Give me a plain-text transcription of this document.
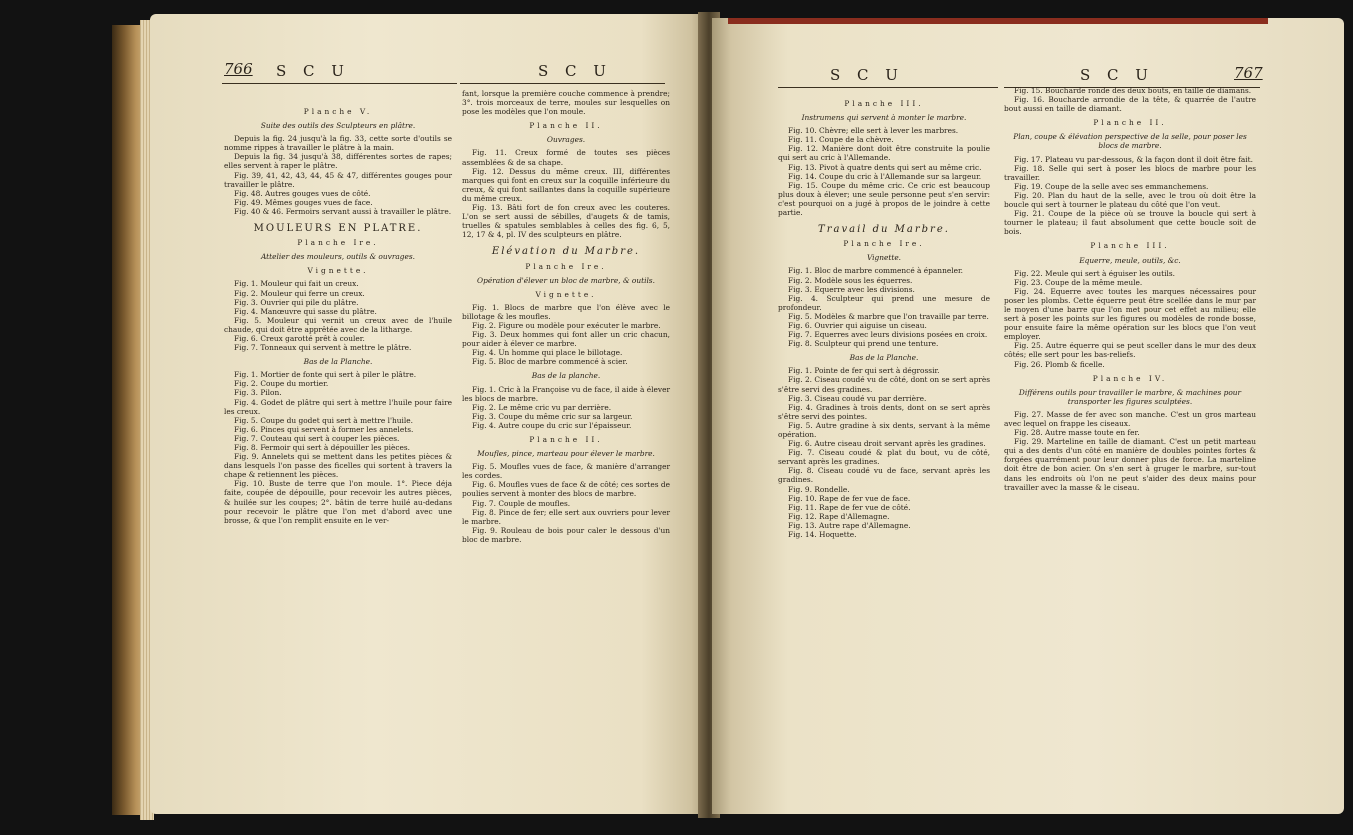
766 S C U	S C U

Planche V.

Suite des outils des Sculpteurs en plâtre.

Depuis la fig. 24 jusqu'à la fig. 33, cette sorte d'outils se nomme rippes à travailler le plâtre à la main.

Depuis la fig. 34 jusqu'à 38, différentes sortes de rapes; elles servent à raper le plâtre.

Fig. 39, 41, 42, 43, 44, 45 & 47, différentes gouges pour travailler le plâtre.

Fig. 48. Autres gouges vues de côté.

Fig. 49. Mêmes gouges vues de face.

Fig. 40 & 46. Fermoirs servant aussi à travailler le plâtre.

MOULEURS EN PLATRE.

Planche Ire.

Attelier des mouleurs, outils & ouvrages.

Vignette.

Fig. 1. Mouleur qui fait un creux.

Fig. 2. Mouleur qui ferre un creux.

Fig. 3. Ouvrier qui pile du plâtre.

Fig. 4. Manœuvre qui sasse du plâtre.

Fig. 5. Mouleur qui vernit un creux avec de l'huile chaude, qui doit être apprêtée avec de la litharge.

Fig. 6. Creux garotté prêt à couler.

Fig. 7. Tonneaux qui servent à mettre le plâtre.

Bas de la Planche.

Fig. 1. Mortier de fonte qui sert à piler le plâtre.

Fig. 2. Coupe du mortier.

Fig. 3. Pilon.

Fig. 4. Godet de plâtre qui sert à mettre l'huile pour faire les creux.

Fig. 5. Coupe du godet qui sert à mettre l'huile.

Fig. 6. Pinces qui servent à former les annelets.

Fig. 7. Couteau qui sert à couper les pièces.

Fig. 8. Fermoir qui sert à dépouiller les pièces.

Fig. 9. Annelets qui se mettent dans les petites pièces & dans lesquels l'on passe des ficelles qui sortent à travers la chape & retiennent les pièces.

Fig. 10. Buste de terre que l'on moule. 1°. Piece déja faite, coupée de dépouille, pour recevoir les autres pièces, & huilée sur les coupes; 2°. bâtin de terre huilé au-dedans pour recevoir le plâtre que l'on met d'abord avec une brosse, & que l'on remplit ensuite en le ver-

fant, lorsque la première couche commence à prendre; 3°. trois morceaux de terre, moules sur lesquelles on pose les modèles que l'on moule.

Planche II.

Ouvrages.

Fig. 11. Creux formé de toutes ses pièces assemblées & de sa chape.

Fig. 12. Dessus du même creux. III, différentes marques qui font en creux sur la coquille inférieure du creux, & qui font saillantes dans la coquille supérieure du même creux.

Fig. 13. Bâti fort de fon creux avec les couteres. L'on se sert aussi de sébilles, d'augets & de tamis, truelles & spatules semblables à celles des fig. 6, 5, 12, 17 & 4, pl. IV des sculpteurs en plâtre.

Elévation du Marbre.

Planche Ire.

Opération d'élever un bloc de marbre, & outils.

Vignette.

Fig. 1. Blocs de marbre que l'on élève avec le billotage & les moufles.

Fig. 2. Figure ou modèle pour exécuter le marbre.

Fig. 3. Deux hommes qui font aller un cric chacun, pour aider à élever ce marbre.

Fig. 4. Un homme qui place le billotage.

Fig. 5. Bloc de marbre commencé à scier.

Bas de la planche.

Fig. 1. Cric à la Françoise vu de face, il aide à élever les blocs de marbre.

Fig. 2. Le même cric vu par derrière.

Fig. 3. Coupe du même cric sur sa largeur.

Fig. 4. Autre coupe du cric sur l'épaisseur.

Planche II.

Moufles, pince, marteau pour élever le marbre.

Fig. 5. Moufles vues de face, & manière d'arranger les cordes.

Fig. 6. Moufles vues de face & de côté; ces sortes de poulies servent à monter des blocs de marbre.

Fig. 7. Couple de moufles.

Fig. 8. Pince de fer; elle sert aux ouvriers pour lever le marbre.

Fig. 9. Rouleau de bois pour caler le dessous d'un bloc de marbre.

S C U	S C U	767

Planche III.

Instrumens qui servent à monter le marbre.

Fig. 10. Chèvre; elle sert à lever les marbres.

Fig. 11. Coupe de la chèvre.

Fig. 12. Manière dont doit être construite la poulie qui sert au cric à l'Allemande.

Fig. 13. Pivot à quatre dents qui sert au même cric.

Fig. 14. Coupe du cric à l'Allemande sur sa largeur.

Fig. 15. Coupe du même cric. Ce cric est beaucoup plus doux à élever; une seule personne peut s'en servir: c'est pourquoi on a jugé à propos de le joindre à cette partie.

Travail du Marbre.

Planche Ire.

Vignette.

Fig. 1. Bloc de marbre commencé à épanneler.

Fig. 2. Modèle sous les équerres.

Fig. 3. Equerre avec les divisions.

Fig. 4. Sculpteur qui prend une mesure de profondeur.

Fig. 5. Modèles & marbre que l'on travaille par terre.

Fig. 6. Ouvrier qui aiguise un ciseau.

Fig. 7. Equerres avec leurs divisions posées en croix.

Fig. 8. Sculpteur qui prend une tenture.

Bas de la Planche.

Fig. 1. Pointe de fer qui sert à dégrossir.

Fig. 2. Ciseau coudé vu de côté, dont on se sert après s'être servi des gradines.

Fig. 3. Ciseau coudé vu par derrière.

Fig. 4. Gradines à trois dents, dont on se sert après s'être servi des pointes.

Fig. 5. Autre gradine à six dents, servant à la même opération.

Fig. 6. Autre ciseau droit servant après les gradines.

Fig. 7. Ciseau coudé & plat du bout, vu de côté, servant après les gradines.

Fig. 8. Ciseau coudé vu de face, servant après les gradines.

Fig. 9. Rondelle.

Fig. 10. Rape de fer vue de face.

Fig. 11. Rape de fer vue de côté.

Fig. 12. Rape d'Allemagne.

Fig. 13. Autre rape d'Allemagne.

Fig. 14. Hoquette.

Fig. 15. Boucharde ronde des deux bouts, en taille de diamans.

Fig. 16. Boucharde arrondie de la tête, & quarrée de l'autre bout aussi en taille de diamant.

Planche II.

Plan, coupe & élévation perspective de la selle, pour poser les blocs de marbre.

Fig. 17. Plateau vu par-dessous, & la façon dont il doit être fait.

Fig. 18. Selle qui sert à poser les blocs de marbre pour les travailler.

Fig. 19. Coupe de la selle avec ses emmanchemens.

Fig. 20. Plan du haut de la selle, avec le trou où doit être la boucle qui sert à tourner le plateau du côté que l'on veut.

Fig. 21. Coupe de la pièce où se trouve la boucle qui sert à tourner le plateau; il faut absolument que cette boucle soit de bois.

Planche III.

Equerre, meule, outils, &c.

Fig. 22. Meule qui sert à éguiser les outils.

Fig. 23. Coupe de la même meule.

Fig. 24. Equerre avec toutes les marques nécessaires pour poser les plombs. Cette équerre peut être scellée dans le mur par le moyen d'une barre que l'on met pour cet effet au milieu; elle sert à poser les points sur les figures ou modèles de ronde bosse, pour ensuite faire la même opération sur les blocs que l'on veut employer.

Fig. 25. Autre équerre qui se peut sceller dans le mur des deux côtés; elle sert pour les bas-reliefs.

Fig. 26. Plomb & ficelle.

Planche IV.

Différens outils pour travailler le marbre, & machines pour transporter les figures sculptées.

Fig. 27. Masse de fer avec son manche. C'est un gros marteau avec lequel on frappe les ciseaux.

Fig. 28. Autre masse toute en fer.

Fig. 29. Marteline en taille de diamant. C'est un petit marteau qui a des dents d'un côté en manière de doubles pointes fortes & forgées quarrément pour leur donner plus de force. La marteline doit être de bon acier. On s'en sert à gruger le marbre, sur-tout dans les endroits où l'on ne peut s'aider des deux mains pour travailler avec la masse & le ciseau.
